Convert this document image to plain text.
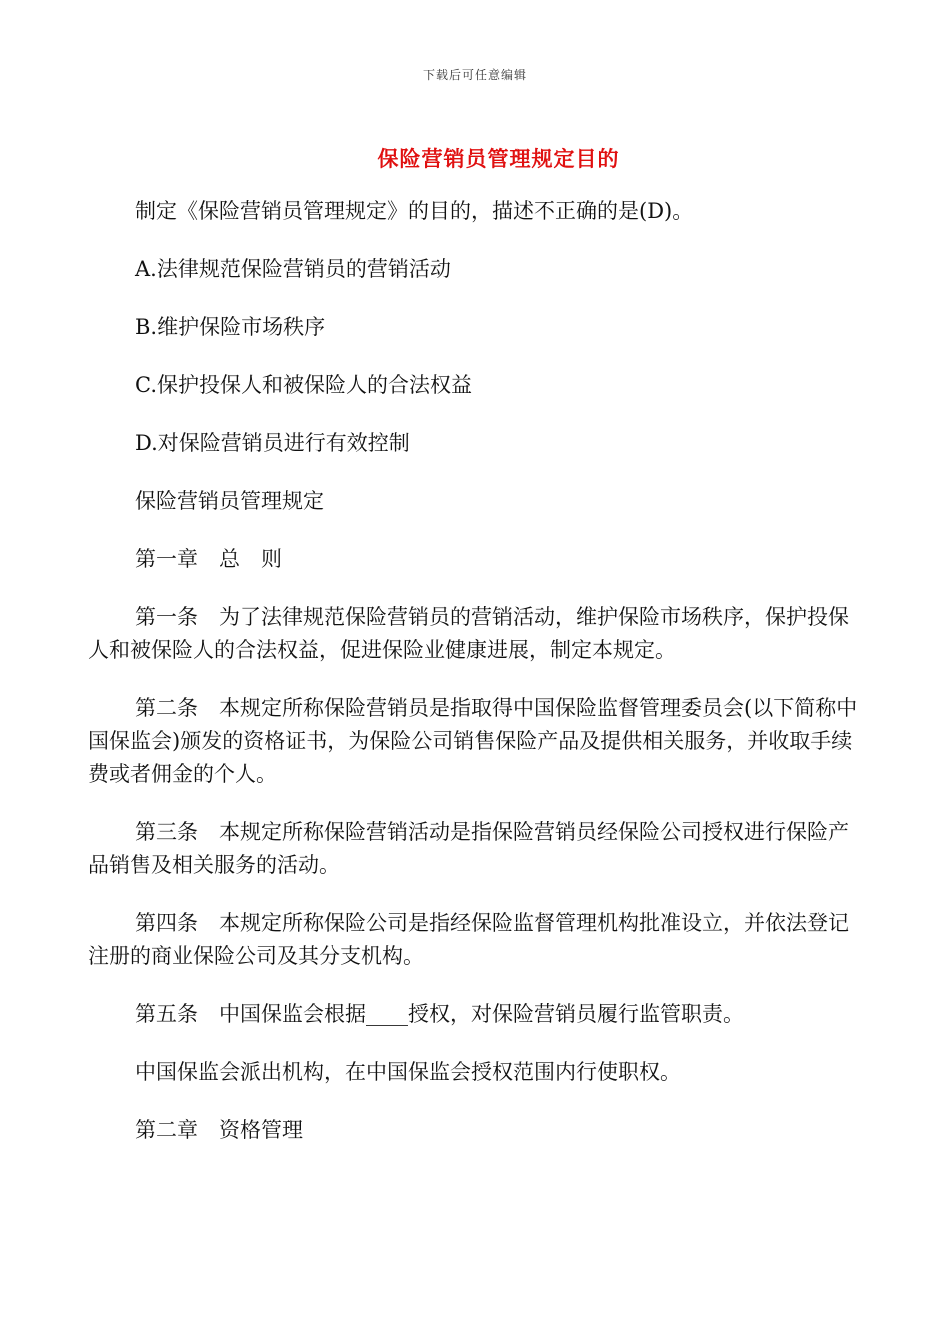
下载后可任意编辑
保险营销员管理规定目的

制定《保险营销员管理规定》的目的，描述不正确的是(D)。

A.法律规范保险营销员的营销活动

B.维护保险市场秩序

C.保护投保人和被保险人的合法权益

D.对保险营销员进行有效控制

保险营销员管理规定

第一章　总　则

第一条　为了法律规范保险营销员的营销活动，维护保险市场秩序，保护投保人和被保险人的合法权益，促进保险业健康进展，制定本规定。

第二条　本规定所称保险营销员是指取得中国保险监督管理委员会(以下简称中国保监会)颁发的资格证书，为保险公司销售保险产品及提供相关服务，并收取手续费或者佣金的个人。

第三条　本规定所称保险营销活动是指保险营销员经保险公司授权进行保险产品销售及相关服务的活动。

第四条　本规定所称保险公司是指经保险监督管理机构批准设立，并依法登记注册的商业保险公司及其分支机构。

第五条　中国保监会根据____授权，对保险营销员履行监管职责。

中国保监会派出机构，在中国保监会授权范围内行使职权。

第二章　资格管理
